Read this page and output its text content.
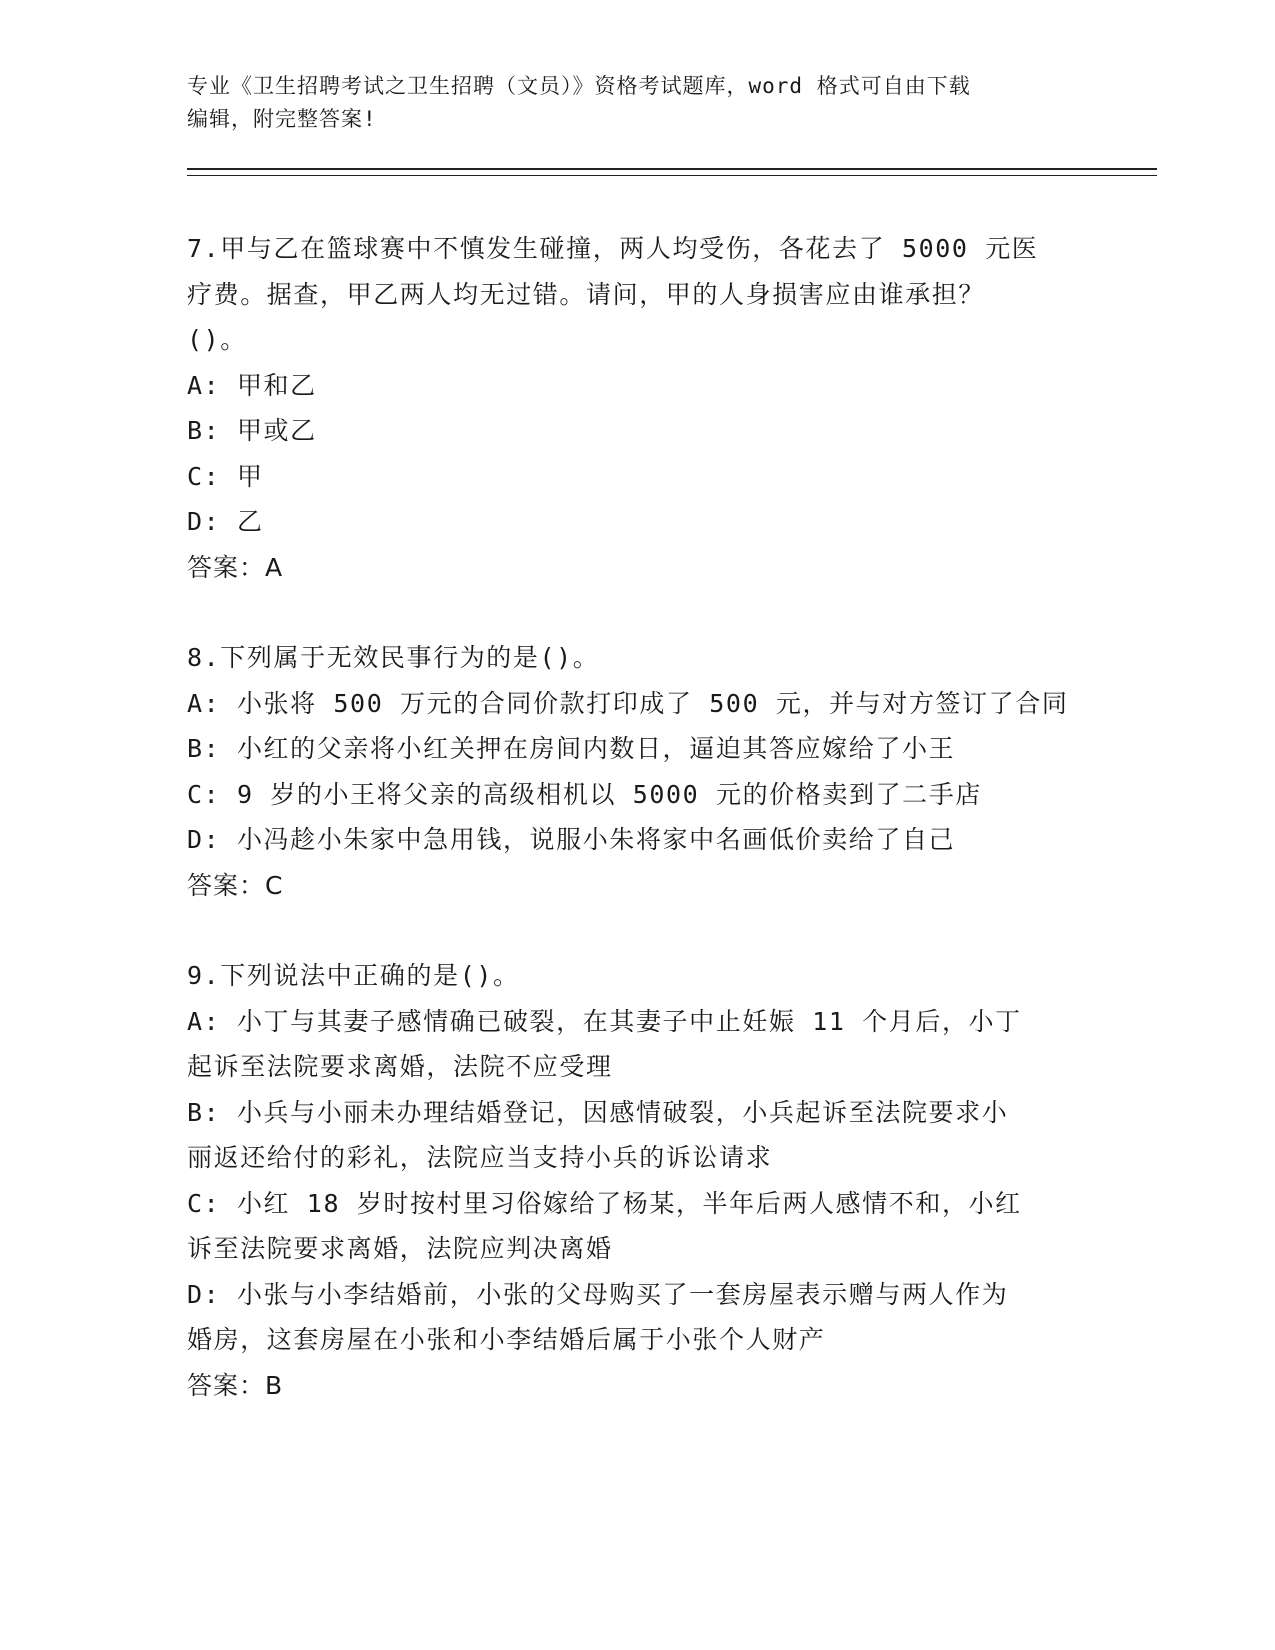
专业《卫生招聘考试之卫生招聘（文员）》资格考试题库，word 格式可自由下载
编辑，附完整答案!
7.甲与乙在篮球赛中不慎发生碰撞，两人均受伤，各花去了 5000 元医
疗费。据查，甲乙两人均无过错。请问，甲的人身损害应由谁承担？
()。
A: 甲和乙
B: 甲或乙
C: 甲
D: 乙
答案：A
8.下列属于无效民事行为的是()。
A: 小张将 500 万元的合同价款打印成了 500 元，并与对方签订了合同
B: 小红的父亲将小红关押在房间内数日，逼迫其答应嫁给了小王
C: 9 岁的小王将父亲的高级相机以 5000 元的价格卖到了二手店
D: 小冯趁小朱家中急用钱，说服小朱将家中名画低价卖给了自己
答案：C
9.下列说法中正确的是()。
A: 小丁与其妻子感情确已破裂，在其妻子中止妊娠 11 个月后，小丁
起诉至法院要求离婚，法院不应受理
B: 小兵与小丽未办理结婚登记，因感情破裂，小兵起诉至法院要求小
丽返还给付的彩礼，法院应当支持小兵的诉讼请求
C: 小红 18 岁时按村里习俗嫁给了杨某，半年后两人感情不和，小红
诉至法院要求离婚，法院应判决离婚
D: 小张与小李结婚前，小张的父母购买了一套房屋表示赠与两人作为
婚房，这套房屋在小张和小李结婚后属于小张个人财产
答案：B
